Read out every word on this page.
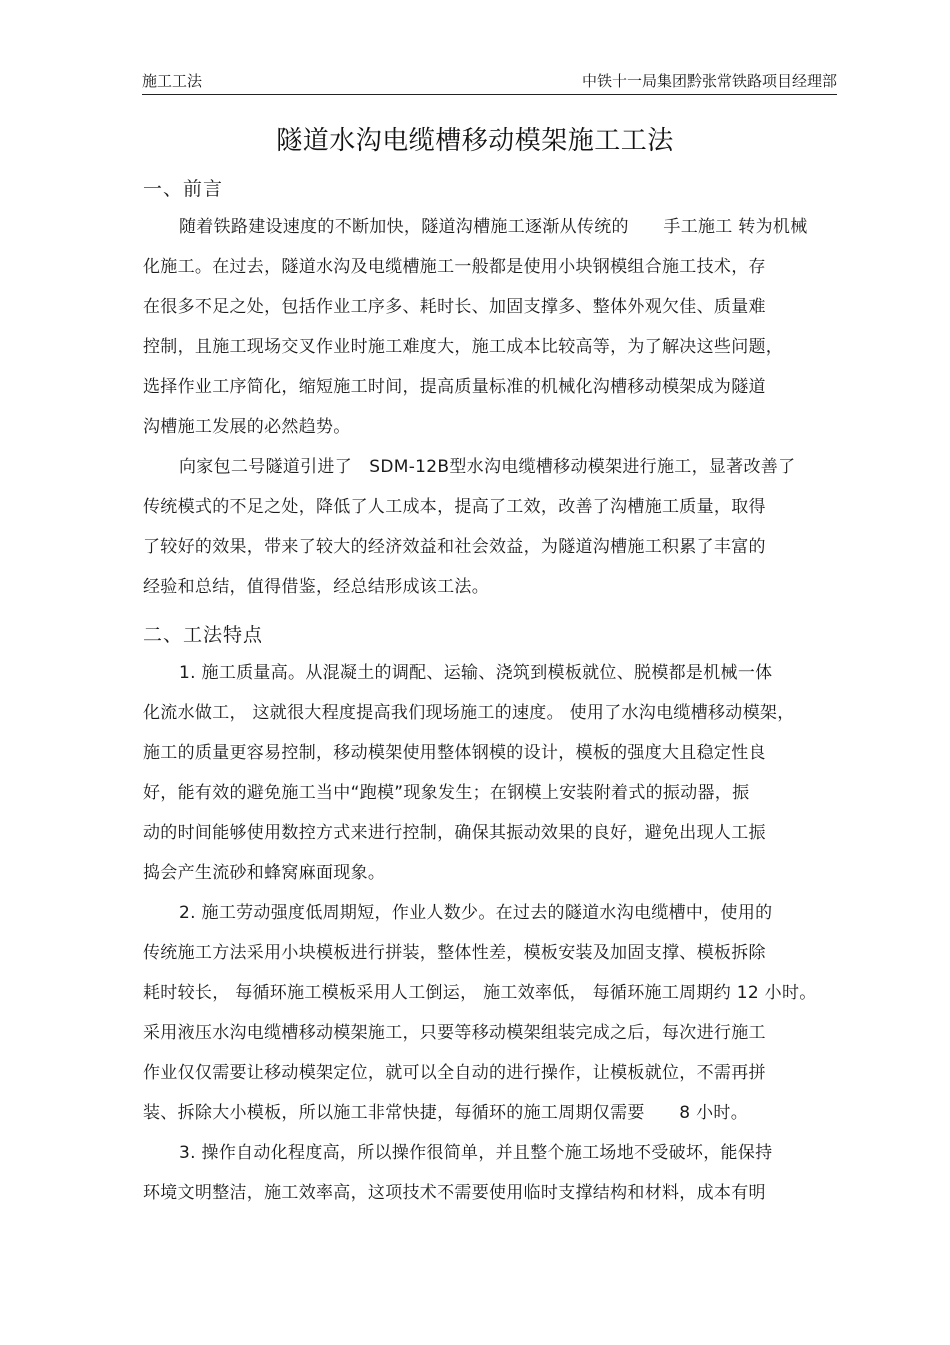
施工工法	中铁十一局集团黔张常铁路项目经理部
隧道水沟电缆槽移动模架施工工法
一、前言
随着铁路建设速度的不断加快，隧道沟槽施工逐渐从传统的　　手工施工 转为机械
化施工。在过去，隧道水沟及电缆槽施工一般都是使用小块钢模组合施工技术，存
在很多不足之处，包括作业工序多、耗时长、加固支撑多、整体外观欠佳、质量难
控制，且施工现场交叉作业时施工难度大，施工成本比较高等，为了解决这些问题，
选择作业工序简化，缩短施工时间，提高质量标准的机械化沟槽移动模架成为隧道
沟槽施工发展的必然趋势。
向家包二号隧道引进了　SDM-12B型水沟电缆槽移动模架进行施工，显著改善了
传统模式的不足之处，降低了人工成本，提高了工效，改善了沟槽施工质量，取得
了较好的效果，带来了较大的经济效益和社会效益，为隧道沟槽施工积累了丰富的
经验和总结，值得借鉴，经总结形成该工法。
二、工法特点
1. 施工质量高。从混凝土的调配、运输、浇筑到模板就位、脱模都是机械一体
化流水做工， 这就很大程度提高我们现场施工的速度。 使用了水沟电缆槽移动模架，
施工的质量更容易控制，移动模架使用整体钢模的设计，模板的强度大且稳定性良
好，能有效的避免施工当中“跑模”现象发生；在钢模上安装附着式的振动器，振
动的时间能够使用数控方式来进行控制，确保其振动效果的良好，避免出现人工振
捣会产生流砂和蜂窝麻面现象。
2. 施工劳动强度低周期短，作业人数少。在过去的隧道水沟电缆槽中，使用的
传统施工方法采用小块模板进行拼装，整体性差，模板安装及加固支撑、模板拆除
耗时较长， 每循环施工模板采用人工倒运， 施工效率低， 每循环施工周期约 12 小时。
采用液压水沟电缆槽移动模架施工，只要等移动模架组装完成之后，每次进行施工
作业仅仅需要让移动模架定位，就可以全自动的进行操作，让模板就位，不需再拼
装、拆除大小模板，所以施工非常快捷，每循环的施工周期仅需要　　8 小时。
3. 操作自动化程度高，所以操作很简单，并且整个施工场地不受破坏，能保持
环境文明整洁，施工效率高，这项技术不需要使用临时支撑结构和材料，成本有明
